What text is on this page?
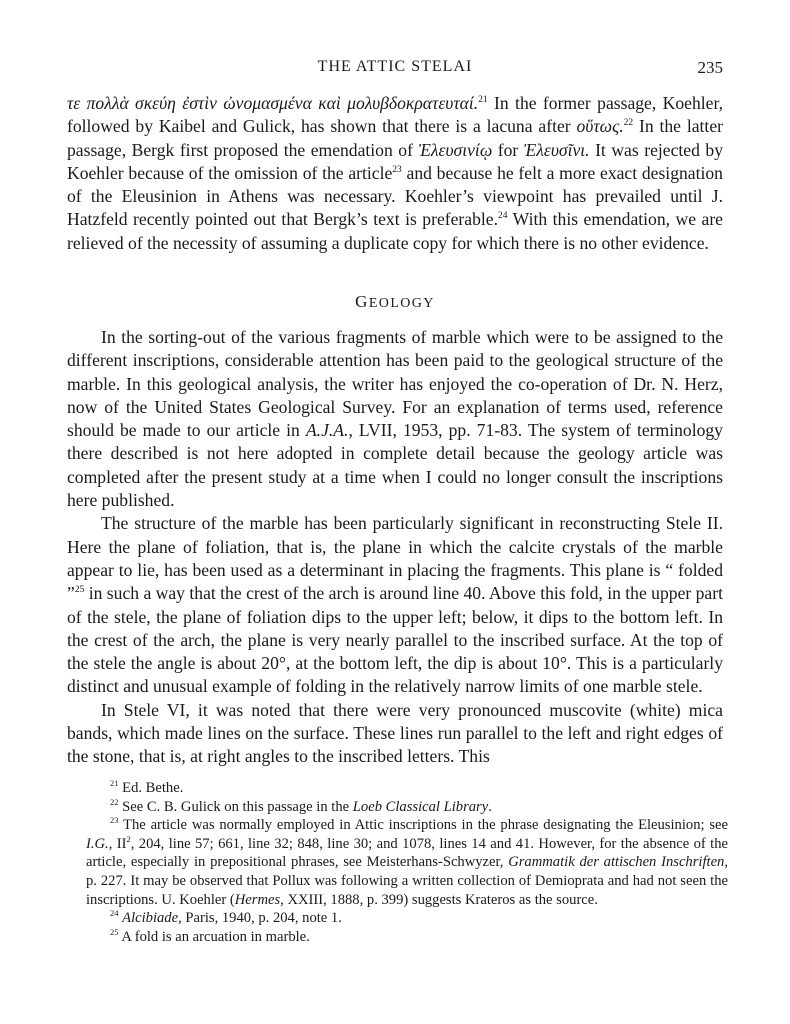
THE ATTIC STELAI	235

τε πολλὰ σκεύη ἐστὶν ὠνομασμένα καὶ μολυβδοκρατευταί.$^{21}$ In the former passage, Koehler, followed by Kaibel and Gulick, has shown that there is a lacuna after οὕτως.$^{22}$ In the latter passage, Bergk first proposed the emendation of Ἐλευσινίῳ for Ἐλευσῖνι. It was rejected by Koehler because of the omission of the article$^{23}$ and because he felt a more exact designation of the Eleusinion in Athens was necessary. Koehler’s viewpoint has prevailed until J. Hatzfeld recently pointed out that Bergk’s text is preferable.$^{24}$ With this emendation, we are relieved of the necessity of assuming a duplicate copy for which there is no other evidence.

GEOLOGY

In the sorting-out of the various fragments of marble which were to be assigned to the different inscriptions, considerable attention has been paid to the geological structure of the marble. In this geological analysis, the writer has enjoyed the co-operation of Dr. N. Herz, now of the United States Geological Survey. For an explanation of terms used, reference should be made to our article in A.J.A., LVII, 1953, pp. 71-83. The system of terminology there described is not here adopted in complete detail because the geology article was completed after the present study at a time when I could no longer consult the inscriptions here published.

The structure of the marble has been particularly significant in reconstructing Stele II. Here the plane of foliation, that is, the plane in which the calcite crystals of the marble appear to lie, has been used as a determinant in placing the fragments. This plane is “ folded ”$^{25}$ in such a way that the crest of the arch is around line 40. Above this fold, in the upper part of the stele, the plane of foliation dips to the upper left; below, it dips to the bottom left. In the crest of the arch, the plane is very nearly parallel to the inscribed surface. At the top of the stele the angle is about 20°, at the bottom left, the dip is about 10°. This is a particularly distinct and unusual example of folding in the relatively narrow limits of one marble stele.

In Stele VI, it was noted that there were very pronounced muscovite (white) mica bands, which made lines on the surface. These lines run parallel to the left and right edges of the stone, that is, at right angles to the inscribed letters. This

$^{21}$ Ed. Bethe.

$^{22}$ See C. B. Gulick on this passage in the Loeb Classical Library.

$^{23}$ The article was normally employed in Attic inscriptions in the phrase designating the Eleusinion; see I.G., $II^2$, 204, line 57; 661, line 32; 848, line 30; and 1078, lines 14 and 41. However, for the absence of the article, especially in prepositional phrases, see Meisterhans-Schwyzer, Grammatik der attischen Inschriften, p. 227. It may be observed that Pollux was following a written collection of Demioprata and had not seen the inscriptions. U. Koehler (Hermes, XXIII, 1888, p. 399) suggests Krateros as the source.

$^{24}$ Alcibiade, Paris, 1940, p. 204, note 1.

$^{25}$ A fold is an arcuation in marble.
